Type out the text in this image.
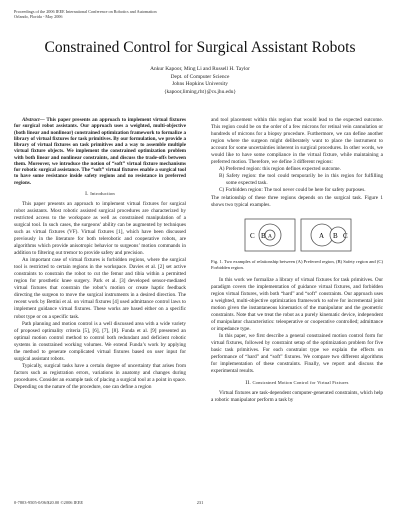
Proceedings of the 2006 IEEE International Conference on Robotics and Automation
Orlando, Florida - May 2006
Constrained Control for Surgical Assistant Robots
Ankur Kapoor, Ming Li and Russell H. Taylor
Dept. of Computer Science
Johns Hopkins University
{kapoor,liming,rht}@cs.jhu.edu}

Abstract— This paper presents an approach to implement virtual fixtures for surgical robot assistants. Our approach uses a weighted, multi-objective (both linear and nonlinear) constrained optimization framework to formalize a library of virtual fixtures for task primitives. By our formulation, we provide a library of virtual fixtures on task primitives and a way to assemble multiple virtual fixture objects. We implement the constrained optimization problem with both linear and nonlinear constraints, and discuss the trade-offs between them. Moreover, we introduce the notion of “soft” virtual fixture mechanisms for robotic surgical assistance. The “soft” virtual fixtures enable a surgical tool to have some resistance inside safety regions and no resistance in preferred regions.

I. Introduction

This paper presents an approach to implement virtual fixtures for surgical robot assistants. Most robotic assisted surgical procedures are characterized by restricted access to the workspace as well as constrained manipulation of a surgical tool. In such cases, the surgeons’ ability can be augmented by techniques such as virtual fixtures (VF). Virtual fixtures [1], which have been discussed previously in the literature for both telerobotic and cooperative robots, are algorithms which provide anisotropic behavior to surgeons’ motion commands in addition to filtering out tremor to provide safety and precision.

An important case of virtual fixtures is forbidden regions, where the surgical tool is restricted to certain regions in the workspace. Davies et al. [2] set active constraints to constrain the robot to cut the femur and tibia within a permitted region for prosthetic knee surgery. Park et al. [3] developed sensor-mediated virtual fixtures that constrain the robot’s motion or create haptic feedback directing the surgeon to move the surgical instruments in a desired direction. The recent work by Bettini et al. on virtual fixtures [4] used admittance control laws to implement guidance virtual fixtures. These works are based either on a specific robot type or on a specific task.

Path planning and motion control is a well discussed area with a wide variety of proposed optimality criteria [5], [6], [7], [8]. Funda et al. [9] presented an optimal motion control method to control both redundant and deficient robotic systems in constrained working volumes. We extend Funda’s work by applying the method to generate complicated virtual fixtures based on user input for surgical assistant robots.

Typically, surgical tasks have a certain degree of uncertainty that arises from factors such as registration errors, variations in anatomy and changes during procedures. Consider an example task of placing a surgical tool at a point in space. Depending on the nature of the procedure, one can define a region

and tool placement within this region that would lead to the expected outcome. This region could be on the order of a few microns for retinal vein cannulation or hundreds of microns for a biopsy procedure. Furthermore, we can define another region where the surgeon might deliberately want to place the instrument to account for some uncertainties inherent in surgical procedures. In other words, we would like to have some compliance in the virtual fixture, while maintaining a preferred motion. Therefore, we define 3 different regions:

A) Preferred region: this region defines expected outcome.
B) Safety region: the tool could temporarily be in this region for fulfilling some expected task.
C) Forbidden region: The tool never could be here for safety purposes.

The relationship of these three regions depends on the surgical task. Figure 1 shows two typical examples.

C B A	A B C

Fig. 1. Two examples of relationship between (A) Preferred region, (B) Safety region and (C) Forbidden region.

In this work we formalize a library of virtual fixtures for task primitives. Our paradigm covers the implementation of guidance virtual fixtures, and forbidden region virtual fixtures, with both “hard” and “soft” constraints. Our approach uses a weighted, multi-objective optimization framework to solve for incremental joint motion given the instantaneous kinematics of the manipulator and the geometric constraints. Note that we treat the robot as a purely kinematic device, independent of manipulator characteristics: teleoperative or cooperative controlled; admittance or impedance type.

In this paper, we first describe a general constrained motion control form for virtual fixtures, followed by constraint setup of the optimization problem for five basic task primitives. For each constraint type we explain the effects on performance of “hard” and “soft” fixtures. We compare two different algorithms for implementation of these constraints. Finally, we report and discuss the experimental results.

II. Constrained Motion Control for Virtual Fixtures

Virtual fixtures are task-dependent computer-generated constraints, which help a robotic manipulator perform a task by

0-7803-9505-0/06/$20.00 ©2006 IEEE	231
